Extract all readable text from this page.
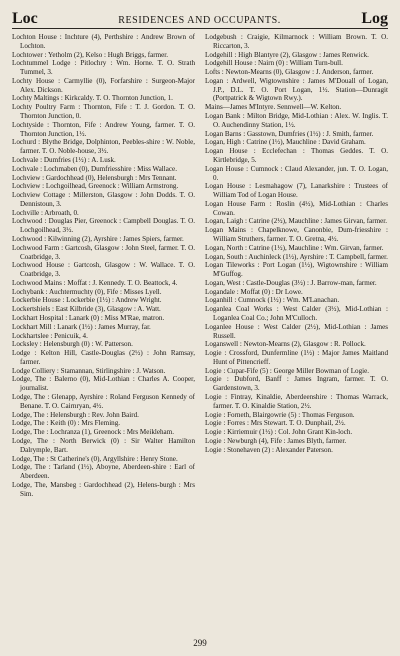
Loc	RESIDENCES AND OCCUPANTS.	Log
Lochton House : Inchture (4), Perthshire : Andrew Brown of Lochton.
Lochtower : Yetholm (2), Kelso : Hugh Briggs, farmer.
Lochtummel Lodge : Pitlochry : Wm. Horne. T. O. Strath Tummel, 3.
Lochty House : Carmyllie (0), Forfarshire : Surgeon-Major Alex. Dickson.
Lochty Maltings : Kirkcaldy. T. O. Thornton Junction, 1.
Lochty Poultry Farm : Thornton, Fife : T. J. Gordon. T. O. Thornton Junction, 0.
Lochtyside : Thornton, Fife : Andrew Young, farmer. T. O. Thornton Junction, 1½.
Lochurd : Blythe Bridge, Dolphinton, Peebles-shire : W. Noble, farmer. T. O. Noble-house, 3½.
Lochvale : Dumfries (1½) : A. Lusk.
Lochvale : Lochmaben (0), Dumfriesshire : Miss Wallace.
Lochview : Gardochhead (0), Helensburgh : Mrs Tennant.
Lochview : Lochgoilhead, Greenock : William Armstrong.
Lochview Cottage : Millerston, Glasgow : John Dodds. T. O. Dennistoun, 3.
Lochville : Arbroath, 0.
Lochwood : Douglas Pier, Greenock : Campbell Douglas. T. O. Lochgoilhead, 3½.
Lochwood : Kilwinning (2), Ayrshire : James Spiers, farmer.
Lochwood Farm : Gartcosh, Glasgow : John Steel, farmer. T. O. Coatbridge, 3.
Lochwood House : Gartcosh, Glasgow : W. Wallace. T. O. Coatbridge, 3.
Lochwood Mains : Moffat : J. Kennedy. T. O. Beattock, 4.
Lochybank : Auchtermuchty (0), Fife : Misses Lyell.
Lockerbie House : Lockerbie (1½) : Andrew Wright.
Lockertshiels : East Kilbride (3), Glasgow : A. Watt.
Lockhart Hospital : Lanark (0) : Miss M'Rae, matron.
Lockhart Mill : Lanark (1½) : James Murray, far.
Lockhartslee : Penicuik, 4.
Locksley : Helensburgh (0) : W. Patterson.
Lodge : Kelton Hill, Castle-Douglas (2½) : John Ramsay, farmer.
Lodge Colliery : Stamannan, Stirlingshire : J. Watson.
Lodge, The : Balerno (0), Mid-Lothian : Charles A. Cooper, journalist.
Lodge, The : Glenapp, Ayrshire : Roland Ferguson Kennedy of Benane. T. O. Cairnryan, 4½.
Lodge, The : Helensburgh : Rev. John Baird.
Lodge, The : Keith (0) : Mrs Fleming.
Lodge, The : Lochranza (1), Greenock : Mrs Meikleham.
Lodge, The : North Berwick (0) : Sir Walter Hamilton Dalrymple, Bart.
Lodge, The : St Catherine's (0), Argyllshire : Henry Stone.
Lodge, The : Tarland (1½), Aboyne, Aberdeen-shire : Earl of Aberdeen.
Lodge, The, Mansbeg : Gardochhead (2), Helens-burgh : Mrs Sim.
Lodgebush : Craigie, Kilmarnock : William Brown. T. O. Riccarton, 3.
Lodgehill : High Blantyre (2), Glasgow : James Renwick.
Lodgehill House : Nairn (0) : William Turn-bull.
Lofts : Newton-Mearns (0), Glasgow : J. Anderson, farmer.
Logan : Ardwell, Wigtownshire : James M'Douall of Logan, J.P., D.L. T. O. Port Logan, 1½. Station—Dunragit (Portpatrick & Wigtown Rwy.).
Mains—James M'Intyre. Sennwell—W. Kelton.
Logan Bank : Milton Bridge, Mid-Lothian : Alex. W. Inglis. T. O. Auchendinny Station, 1½.
Logan Barns : Gasstown, Dumfries (1½) : J. Smith, farmer.
Logan, High : Catrine (1½), Mauchline : David Graham.
Logan House : Ecclefechan : Thomas Geddes. T. O. Kirtlebridge, 5.
Logan House : Cumnock : Claud Alexander, jun. T. O. Logan, 0.
Logan House : Lesmahagow (7), Lanarkshire : Trustees of William Tod of Logan House.
Logan House Farm : Roslin (4½), Mid-Lothian : Charles Cowan.
Logan, Laigh : Catrine (2½), Mauchline : James Girvan, farmer.
Logan Mains : Chapelknowe, Canonbie, Dum-friesshire : William Struthers, farmer. T. O. Gretna, 4½.
Logan, North : Catrine (1½), Mauchline : Wm. Girvan, farmer.
Logan, South : Auchinleck (1½), Ayrshire : T. Campbell, farmer.
Logan Tileworks : Port Logan (1½), Wigtownshire : William M'Guffog.
Logan, West : Castle-Douglas (3½) : J. Barrow-man, farmer.
Logandale : Moffat (0) : Dr Lowe.
Loganhill : Cumnock (1½) : Wm. M'Lanachan.
Loganlea Coal Works : West Calder (3½), Mid-Lothian : Loganlea Coal Co.; John M'Culloch.
Loganlee House : West Calder (2½), Mid-Lothian : James Russell.
Loganswell : Newton-Mearns (2), Glasgow : R. Pollock.
Logie : Crossford, Dunfermline (1½) : Major James Maitland Hunt of Pittencrieff.
Logie : Cupar-Fife (5) : George Miller Bowman of Logie.
Logie : Dubford, Banff : James Ingram, farmer. T. O. Gardenstown, 3.
Logie : Fintray, Kinaldie, Aberdeenshire : Thomas Warrack, farmer. T. O. Kinaldie Station, 2½.
Logie : Forneth, Blairgowrie (5) : Thomas Ferguson.
Logie : Forres : Mrs Stewart. T. O. Dunphail, 2½.
Logie : Kirriemuir (1½) : Col. John Grant Kin-loch.
Logie : Newburgh (4), Fife : James Blyth, farmer.
Logie : Stonehaven (2) : Alexander Paterson.
299
